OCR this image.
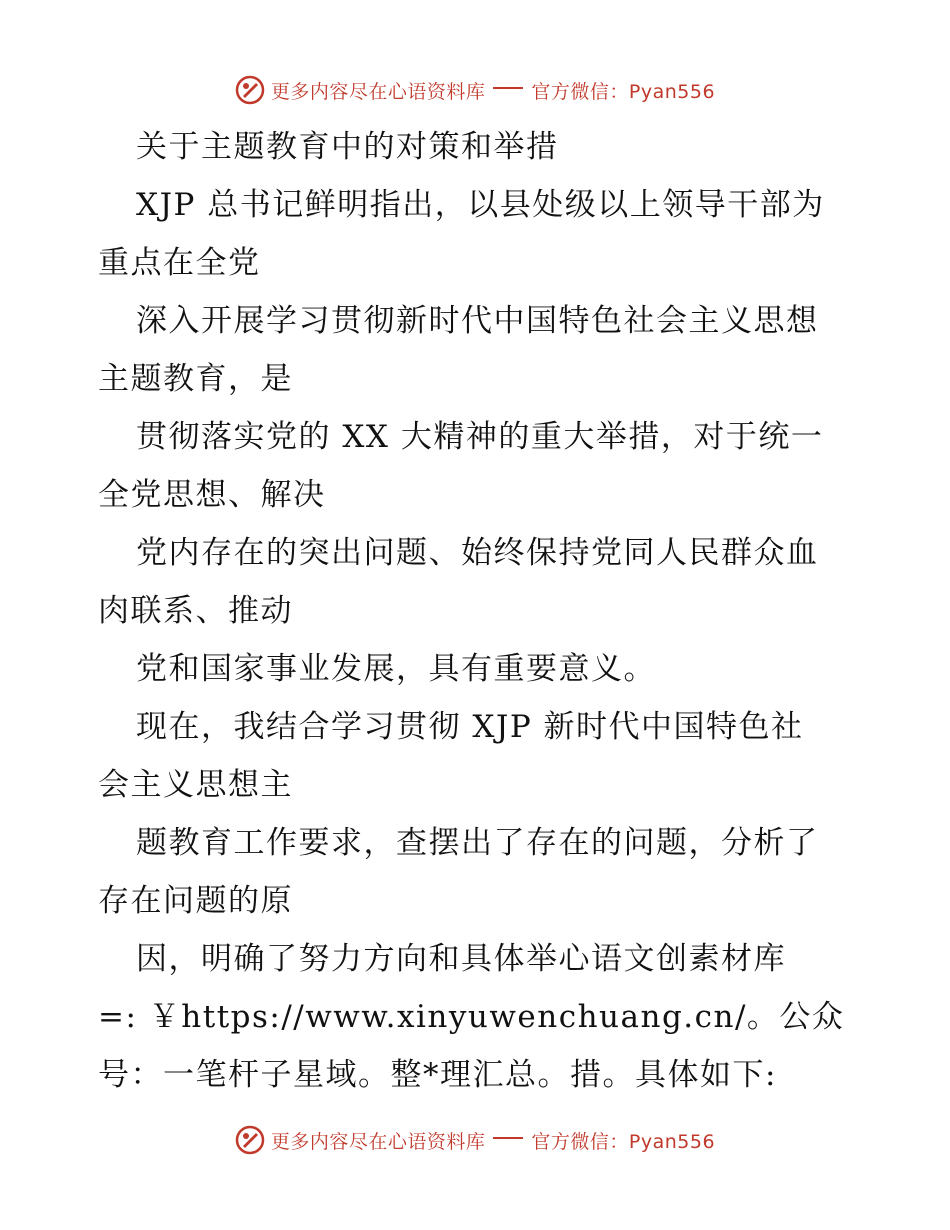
更多内容尽在心语资料库 官方微信：Pyan556
关于主题教育中的对策和举措
XJP 总书记鲜明指出，以县处级以上领导干部为
重点在全党
深入开展学习贯彻新时代中国特色社会主义思想
主题教育，是
贯彻落实党的 XX 大精神的重大举措，对于统一
全党思想、解决
党内存在的突出问题、始终保持党同人民群众血
肉联系、推动
党和国家事业发展，具有重要意义。
现在，我结合学习贯彻 XJP 新时代中国特色社
会主义思想主
题教育工作要求，查摆出了存在的问题，分析了
存在问题的原
因，明确了努力方向和具体举心语文创素材库
=: ￥https://www.xinyuwenchuang.cn/。公众
号：一笔杆子星域。整*理汇总。措。具体如下:
更多内容尽在心语资料库 官方微信：Pyan556
